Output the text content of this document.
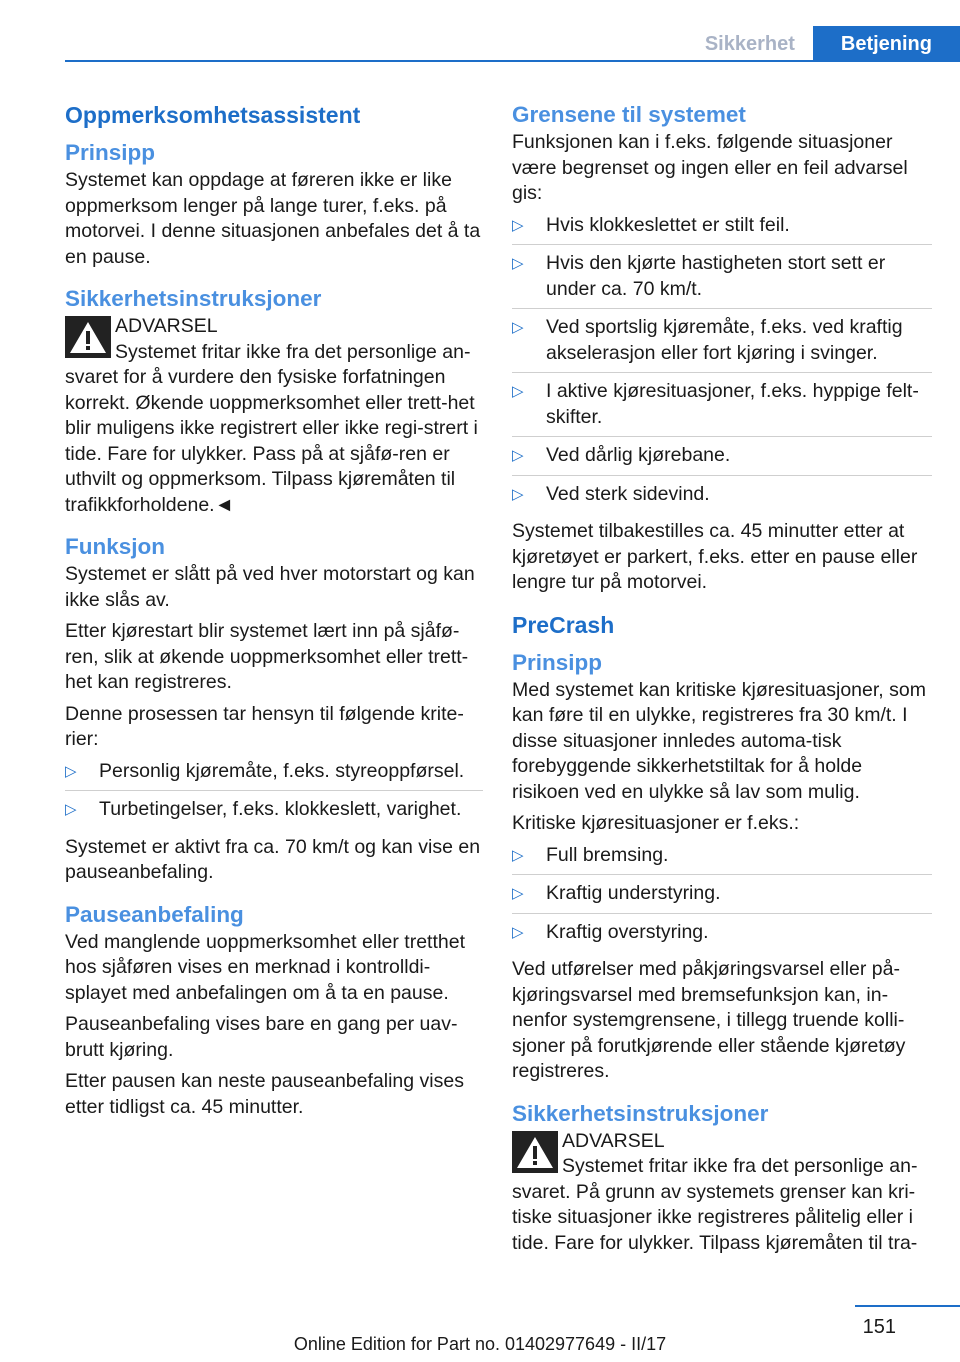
Sikkerhet	Betjening
Oppmerksomhetsassistent
Prinsipp

Systemet kan oppdage at føreren ikke er like oppmerksom lenger på lange turer, f.eks. på motorvei. I denne situasjonen anbefales det å ta en pause.

Sikkerhetsinstruksjoner
ADVARSEL
Systemet fritar ikke fra det personlige an-

svaret for å vurdere den fysiske forfatningen korrekt. Økende uoppmerksomhet eller trett-het blir muligens ikke registrert eller ikke regi-strert i tide. Fare for ulykker. Pass på at sjåfø-ren er uthvilt og oppmerksom. Tilpass kjøremåten til trafikkforholdene.◄

Funksjon

Systemet er slått på ved hver motorstart og kan ikke slås av.

Etter kjørestart blir systemet lært inn på sjåfø-ren, slik at økende uoppmerksomhet eller trett-het kan registreres.

Denne prosessen tar hensyn til følgende krite-rier:

▷	Personlig kjøremåte, f.eks. styreoppførsel.
▷	Turbetingelser, f.eks. klokkeslett, varighet.

Systemet er aktivt fra ca. 70 km/t og kan vise en pauseanbefaling.

Pauseanbefaling

Ved manglende uoppmerksomhet eller tretthet hos sjåføren vises en merknad i kontrolldi-splayet med anbefalingen om å ta en pause.

Pauseanbefaling vises bare en gang per uav-brutt kjøring.

Etter pausen kan neste pauseanbefaling vises etter tidligst ca. 45 minutter.

Grensene til systemet

Funksjonen kan i f.eks. følgende situasjoner være begrenset og ingen eller en feil advarsel gis:

▷	Hvis klokkeslettet er stilt feil.
▷	Hvis den kjørte hastigheten stort sett er under ca. 70 km/t.
▷	Ved sportslig kjøremåte, f.eks. ved kraftig akselerasjon eller fort kjøring i svinger.
▷	I aktive kjøresituasjoner, f.eks. hyppige felt-skifter.
▷	Ved dårlig kjørebane.
▷	Ved sterk sidevind.

Systemet tilbakestilles ca. 45 minutter etter at kjøretøyet er parkert, f.eks. etter en pause eller lengre tur på motorvei.

PreCrash
Prinsipp

Med systemet kan kritiske kjøresituasjoner, som kan føre til en ulykke, registreres fra 30 km/t. I disse situasjoner innledes automa-tisk forebyggende sikkerhetstiltak for å holde risikoen ved en ulykke så lav som mulig.

Kritiske kjøresituasjoner er f.eks.:

▷	Full bremsing.
▷	Kraftig understyring.
▷	Kraftig overstyring.

Ved utførelser med påkjøringsvarsel eller på-kjøringsvarsel med bremsefunksjon kan, in-nenfor systemgrensene, i tillegg truende kolli-sjoner på forutkjørende eller stående kjøretøy registreres.

Sikkerhetsinstruksjoner
ADVARSEL
Systemet fritar ikke fra det personlige an-

svaret. På grunn av systemets grenser kan kri-tiske situasjoner ikke registreres pålitelig eller i tide. Fare for ulykker. Tilpass kjøremåten til tra-

151
Online Edition for Part no. 01402977649 - II/17
